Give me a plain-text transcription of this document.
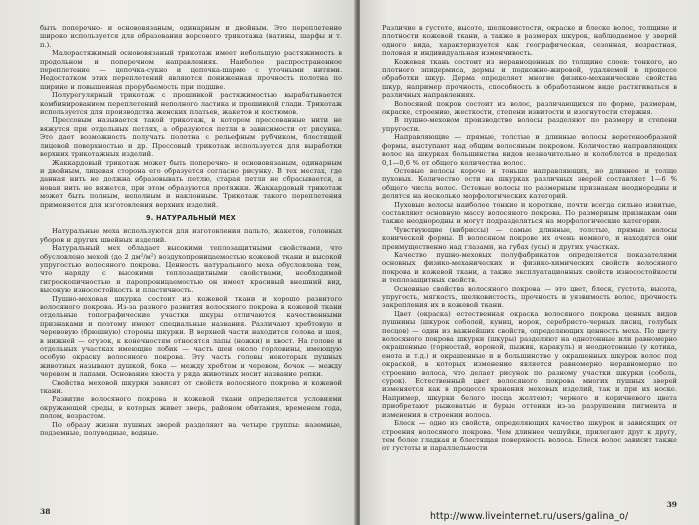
быть поперечно- и основовязаным, одинарным и двойным. Это переплетение широко используется для образования ворсового трикотажа (ватины, шарфы и т. п.).

Малорастяжимый основовязаный трикотаж имеет небольшую растяжимость в продольном и поперечном направлениях. Наиболее распространенное переплетение — цепочка-сукно и цепочка-шарме с уточными нитями. Недостатком этих переплетений являются пониженная прочность полотна по ширине и повышенная прорубаемость при подшве.

Полурегулярный трикотаж с прошивкой растяжимостью вырабатывается комбинированием переплетений неполного ластика и прошивкой глади. Трикотаж используется для производства женских платьев, жакетов и костюмов.

Прессовым называется такой трикотаж, в котором прессованные нити не вяжутся при отдельных петлях, а образуются петли в зависимости от рисунка. Это дает возможность получать полотна с рельефным рубчиком, блестящей лицевой поверхностью и др. Прессовый трикотаж используется для выработки верхних трикотажных изделий.

Жаккардовый трикотаж может быть поперечно- и основовязаным, одинарным и двойным, лицевая сторона его образуется согласно рисунку. В тех местах, где данная нить не должна образовывать петлю, старая петля не сбрасывается, а новая нить не вяжется, при этом образуются протяжки. Жаккардовый трикотаж может быть полным, неполным и наклонным. Трикотаж такого переплетения применяется для изготовления верхних изделий.

9. НАТУРАЛЬНЫЙ МЕХ

Натуральные меха используются для изготовления пальто, жакетов, головных уборов и других швейных изделий.

Натуральный мех обладает высокими теплозащитными свойствами, что обусловлено мехой (до 2 дм²/м²) воздухопроницаемостью кожевой ткани и высокой упругостью волосяного покрова. Ценность натурального меха обусловлена тем, что наряду с высокими теплозащитными свойствами, необходимой гигроскопичностью и паропроницаемостью он имеет красивый внешний вид, высокую износостойкость и пластичность.

Пушно-меховая шкурка состоит из кожевой ткани и хорошо развитого волосяного покрова. Из-за разного развития волосяного покрова в кожевой ткани отдельные топографические участки шкуры отличаются качественными признаками и поэтому имеют специальные названия. Различают хребтовую и черевовую (брюшную) стороны шкурки. В верхней части находится голова и шея, в нижней — огузок, к конечностям относятся лапы (ножки) и хвост. На голове и отдельных участках имеющие лобик — часть шеи около горловины, имеющую особую окраску волосяного покрова. Эту часть головы некоторых пушных животных называют душкой, бока — между хребтом и черевом, бочок — между черевом и лапами. Основание хвоста у ряда животных носит название репки.

Свойства меховой шкурки зависят от свойств волосяного покрова и кожевой ткани.

Развитие волосяного покрова и кожевой ткани определяется условиями окружающей среды, в которых живет зверь, районом обитания, временем года, полом, возрастом.

По образу жизни пушных зверей разделяют на четыре группы: наземные, подземные, полуводные, водные.

Различие в густоте, высоте, шелковистости, окраске и блеске волос, толщине и плотности кожевой ткани, а также в размерах шкурок, наблюдаемое у зверей одного вида, характеризуется как географическая, сезонная, возрастная, половая и индивидуальная изменчивость.

Кожевая ткань состоит из неравноценных по толщине слоев: тонкого, но плотного эпидермиса, дермы и подкожно-жировой, удаляемой в процессе обработки шкур. Дерма определяет многие физико-механические свойства шкур, например прочность, способность в обработанном виде растягиваться в различных направлениях.

Волосяной покров состоит из волос, различающихся по форме, размерам, окраске, строению, жесткости, степени извитости и изогнутости стержня.

В пушно-меховом производстве волосы разделяют по размеру и степени упругости.

Направляющие — прямые, толстые и длинные волосы веретенообразной формы, выступают над общим волосяным покровом. Количество направляющих волос на шкурках большинства видов незначительно и колеблется в пределах 0,1—0,6 % от общего количества волос.

Остевые волосы короче и тоньше направляющих, но длиннее и толще пуховых. Количество ости на шкурках различных зверей составляет 1—6 % общего числа волос. Остевые волосы по размерным признакам неоднородны и делятся на несколько морфологических категорий.

Пуховые волосы наиболее тонкие и короткие, почти всегда сильно извитые, составляют основную массу волосяного покрова. По размерным признакам они также неоднородны и могут подразделяться на морфологические категории.

Чувствующие (вибриссы) — самые длинные, толстые, прямые волосы конической формы. В волосяном покрове их очень немного, и находятся они преимущественно над глазами, на губах (усы) и других участках.

Качество пушно-меховых полуфабрикатов определяется показателями основных физико-механических и физико-химических свойств волосяного покрова и кожевой ткани, а также эксплуатационных свойств износостойкости и теплозащитных свойств.

Основные свойства волосяного покрова — это цвет, блеск, густота, высота, упругость, мягкость, шелковистость, прочность и уязвимость волос, прочность закрепления их в кожевой ткани.

Цвет (окраска) естественная окраска волосяного покрова ценных видов пушнины (шкурок соболей, куниц, норок, серебристо-черных лисиц, голубых песцов) — один из важнейших свойств, определяющих ценность меха. По цвету волосяного покрова шкурки (шкуры) разделяют на однотонные или равномерно окрашенные (горностай, вороной, пыжик, каракуль) и неоднотонные (у котика, енота и т.д.) и окрашенные и в большинстве у окрашенных шкурок волос под окраской, в которых изменение является равномерно неравномерно по строению волоса, что делает рисунок по разному участки шкурки (соболь, сурок). Естественный цвет волосяного покрова многих пушных зверей изменяется как в процессе хранения меховых изделий, так и при их носке. Например, шкурки белого песца желтеют; черного и коричневого цвета приобретают рыжеватые и бурые оттенки из-за разрушения пигмента и изменения в строении волоса.

Блеск — одно из свойств, определяющих качество шкурок и зависящих от строения волосяного покрова. Чем длиннее чешуйки, прилегают друг к другу, тем более гладкая и блестящая поверхность волоса. Блеск волос зависит также от густоты и параллельности

38
39
http://www.liveinternet.ru/users/galina_o/
